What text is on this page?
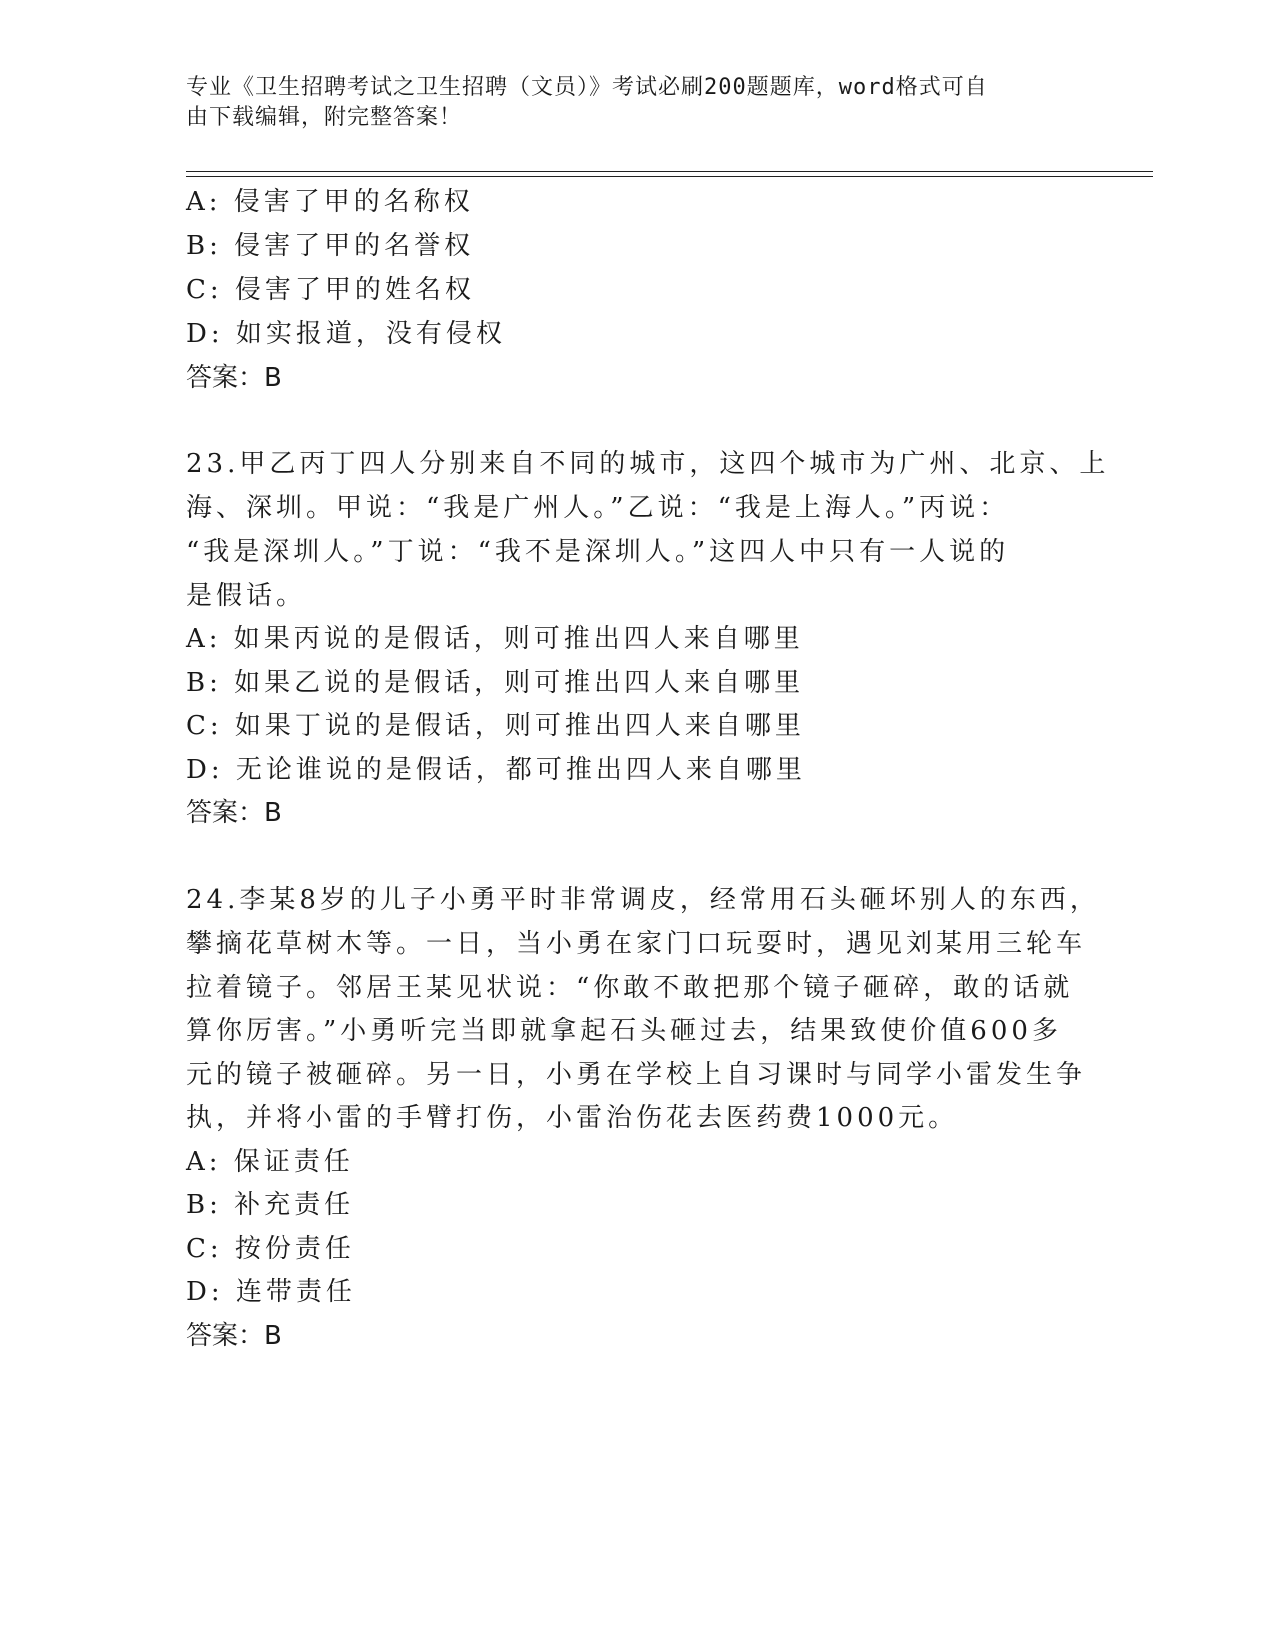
专业《卫生招聘考试之卫生招聘（文员）》考试必刷200题题库，word格式可自
由下载编辑，附完整答案！
A: 侵害了甲的名称权
B: 侵害了甲的名誉权
C: 侵害了甲的姓名权
D: 如实报道，没有侵权
答案：B
23.甲乙丙丁四人分别来自不同的城市，这四个城市为广州、北京、上
海、深圳。甲说：“我是广州人。”乙说：“我是上海人。”丙说：
“我是深圳人。”丁说：“我不是深圳人。”这四人中只有一人说的
是假话。
A: 如果丙说的是假话，则可推出四人来自哪里
B: 如果乙说的是假话，则可推出四人来自哪里
C: 如果丁说的是假话，则可推出四人来自哪里
D: 无论谁说的是假话，都可推出四人来自哪里
答案：B
24.李某8岁的儿子小勇平时非常调皮，经常用石头砸坏别人的东西，
攀摘花草树木等。一日，当小勇在家门口玩耍时，遇见刘某用三轮车
拉着镜子。邻居王某见状说：“你敢不敢把那个镜子砸碎，敢的话就
算你厉害。”小勇听完当即就拿起石头砸过去，结果致使价值600多
元的镜子被砸碎。另一日，小勇在学校上自习课时与同学小雷发生争
执，并将小雷的手臂打伤，小雷治伤花去医药费1000元。
A: 保证责任
B: 补充责任
C: 按份责任
D: 连带责任
答案：B
